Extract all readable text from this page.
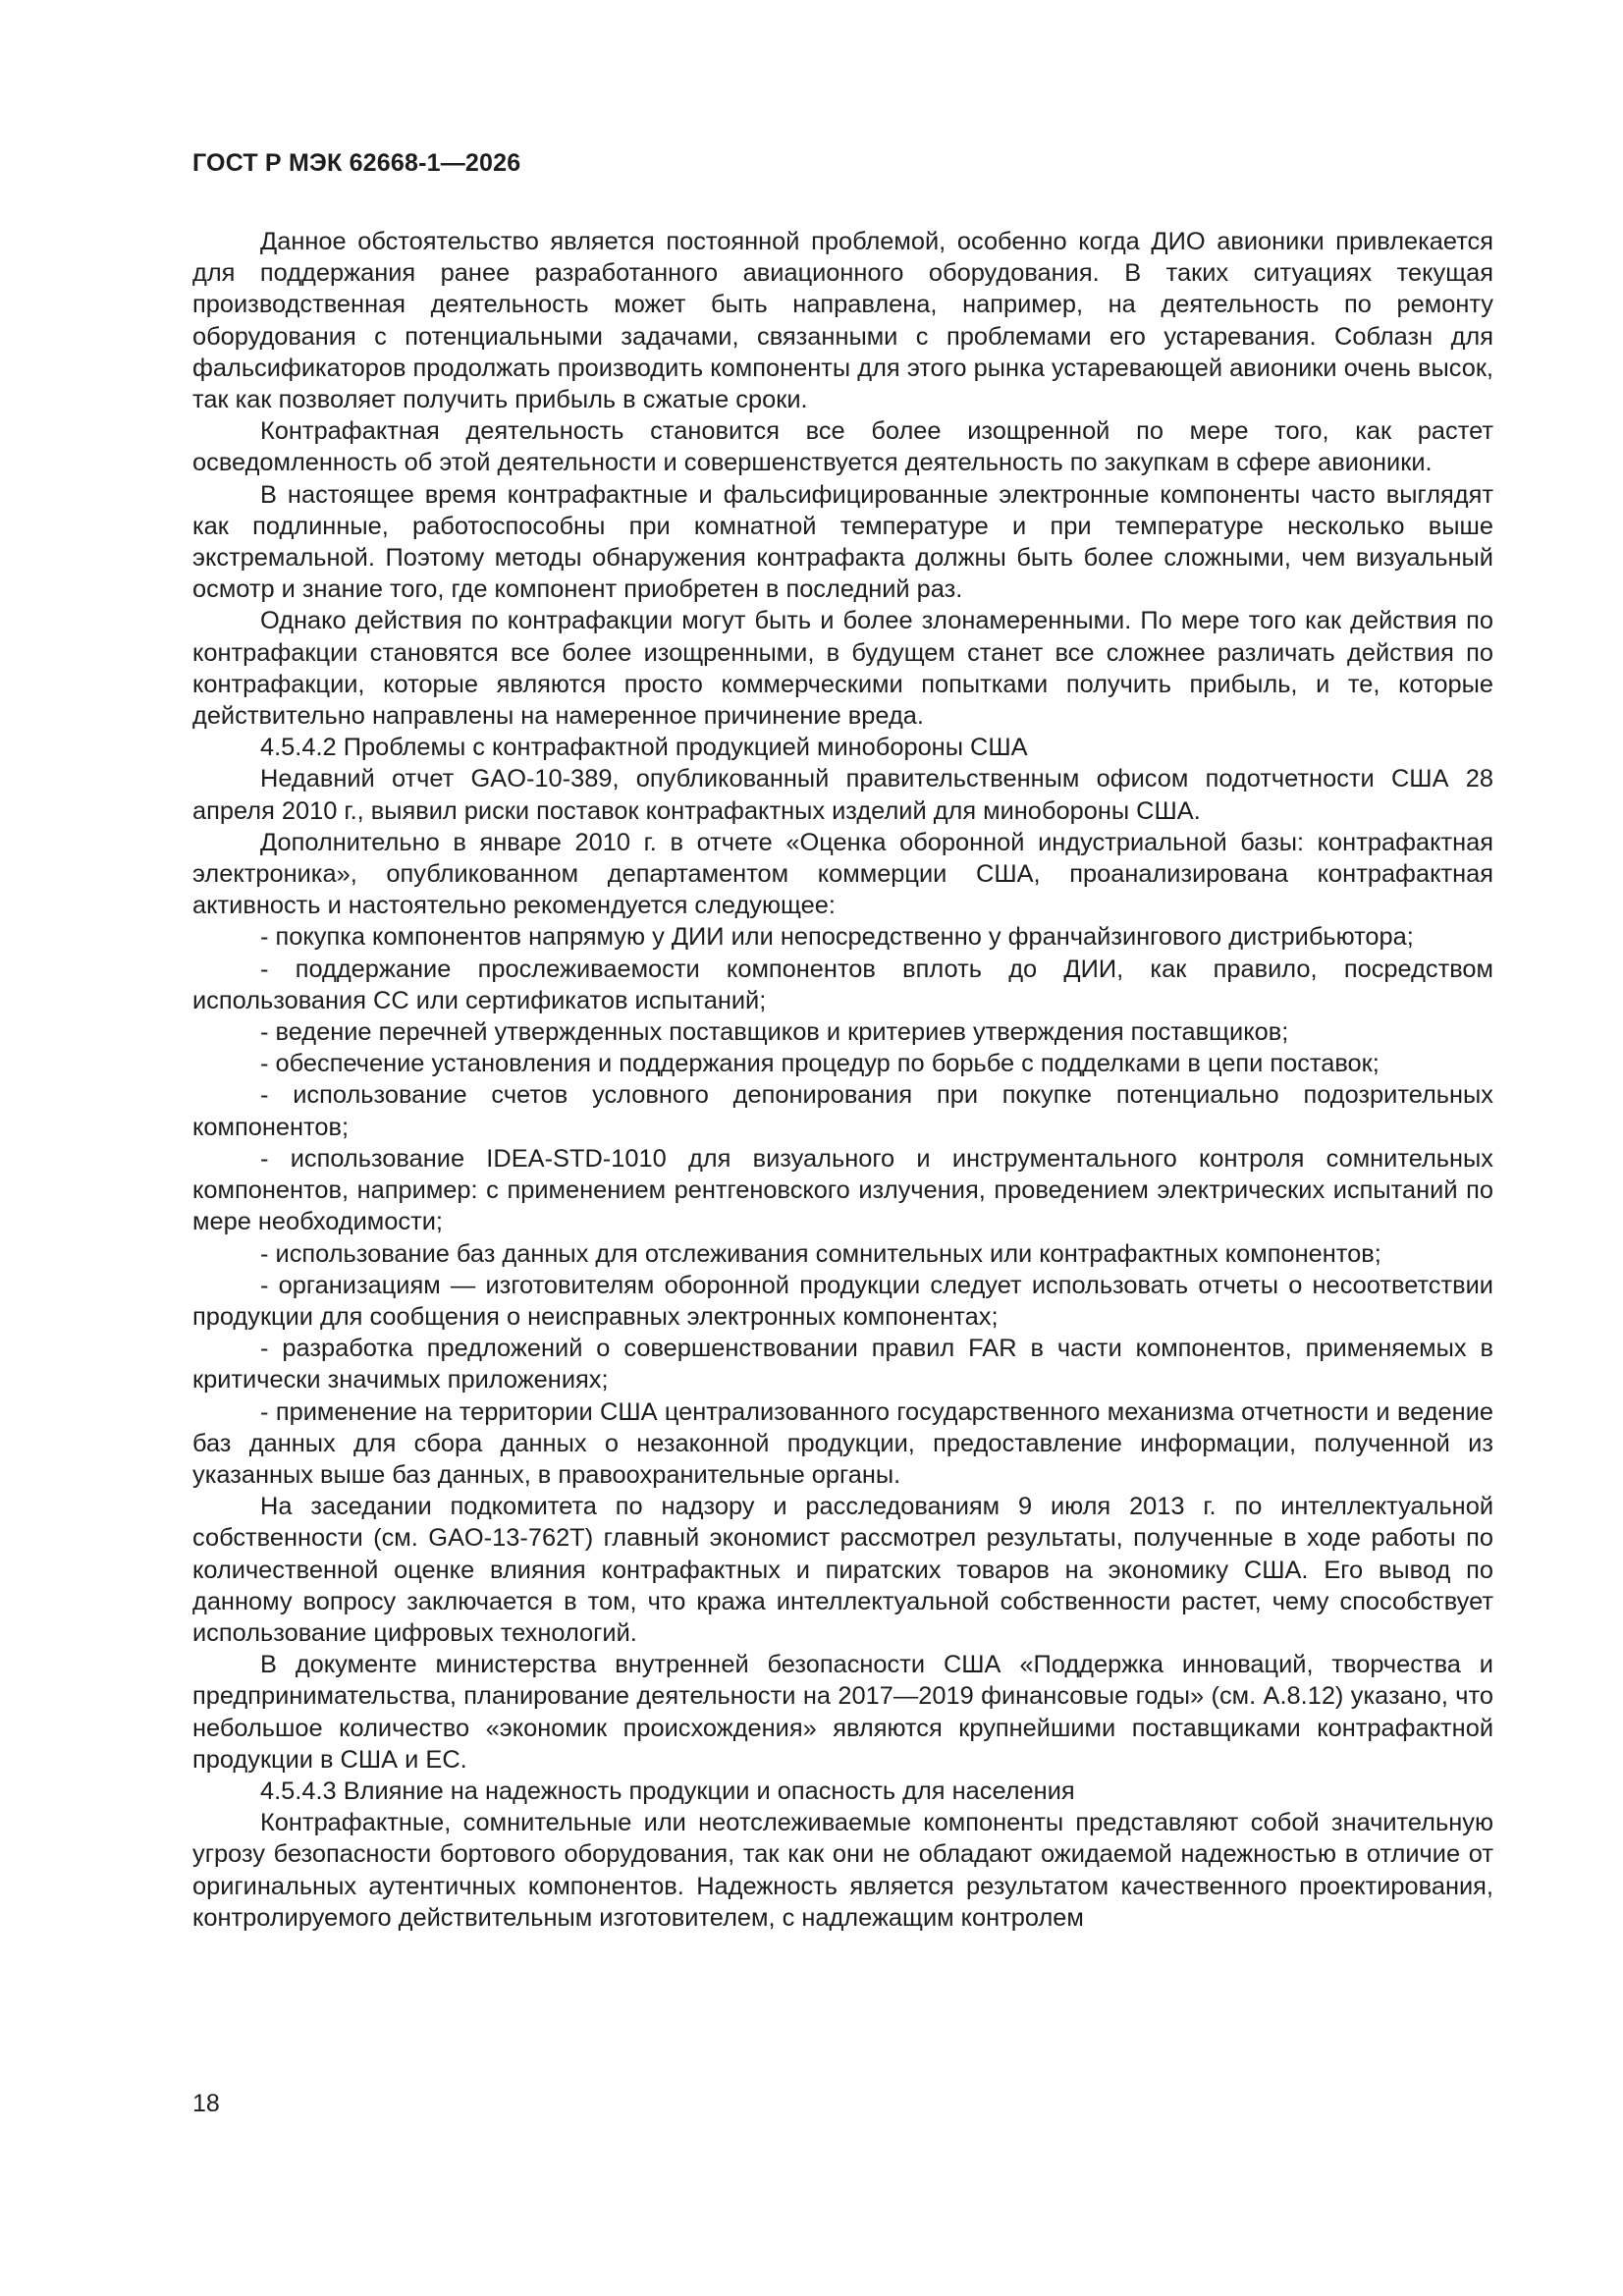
ГОСТ Р МЭК 62668-1—2026

Данное обстоятельство является постоянной проблемой, особенно когда ДИО авионики привлекается для поддержания ранее разработанного авиационного оборудования. В таких ситуациях текущая производственная деятельность может быть направлена, например, на деятельность по ремонту оборудования с потенциальными задачами, связанными с проблемами его устаревания. Соблазн для фальсификаторов продолжать производить компоненты для этого рынка устаревающей авионики очень высок, так как позволяет получить прибыль в сжатые сроки.

Контрафактная деятельность становится все более изощренной по мере того, как растет осведомленность об этой деятельности и совершенствуется деятельность по закупкам в сфере авионики.

В настоящее время контрафактные и фальсифицированные электронные компоненты часто выглядят как подлинные, работоспособны при комнатной температуре и при температуре несколько выше экстремальной. Поэтому методы обнаружения контрафакта должны быть более сложными, чем визуальный осмотр и знание того, где компонент приобретен в последний раз.

Однако действия по контрафакции могут быть и более злонамеренными. По мере того как действия по контрафакции становятся все более изощренными, в будущем станет все сложнее различать действия по контрафакции, которые являются просто коммерческими попытками получить прибыль, и те, которые действительно направлены на намеренное причинение вреда.

4.5.4.2 Проблемы с контрафактной продукцией минобороны США

Недавний отчет GAO-10-389, опубликованный правительственным офисом подотчетности США 28 апреля 2010 г., выявил риски поставок контрафактных изделий для минобороны США.

Дополнительно в январе 2010 г. в отчете «Оценка оборонной индустриальной базы: контрафактная электроника», опубликованном департаментом коммерции США, проанализирована контрафактная активность и настоятельно рекомендуется следующее:

- покупка компонентов напрямую у ДИИ или непосредственно у франчайзингового дистрибьютора;

- поддержание прослеживаемости компонентов вплоть до ДИИ, как правило, посредством использования СС или сертификатов испытаний;

- ведение перечней утвержденных поставщиков и критериев утверждения поставщиков;

- обеспечение установления и поддержания процедур по борьбе с подделками в цепи поставок;

- использование счетов условного депонирования при покупке потенциально подозрительных компонентов;

- использование IDEA-STD-1010 для визуального и инструментального контроля сомнительных компонентов, например: с применением рентгеновского излучения, проведением электрических испытаний по мере необходимости;

- использование баз данных для отслеживания сомнительных или контрафактных компонентов;

- организациям — изготовителям оборонной продукции следует использовать отчеты о несоответствии продукции для сообщения о неисправных электронных компонентах;

- разработка предложений о совершенствовании правил FAR в части компонентов, применяемых в критически значимых приложениях;

- применение на территории США централизованного государственного механизма отчетности и ведение баз данных для сбора данных о незаконной продукции, предоставление информации, полученной из указанных выше баз данных, в правоохранительные органы.

На заседании подкомитета по надзору и расследованиям 9 июля 2013 г. по интеллектуальной собственности (см. GAO-13-762T) главный экономист рассмотрел результаты, полученные в ходе работы по количественной оценке влияния контрафактных и пиратских товаров на экономику США. Его вывод по данному вопросу заключается в том, что кража интеллектуальной собственности растет, чему способствует использование цифровых технологий.

В документе министерства внутренней безопасности США «Поддержка инноваций, творчества и предпринимательства, планирование деятельности на 2017—2019 финансовые годы» (см. А.8.12) указано, что небольшое количество «экономик происхождения» являются крупнейшими поставщиками контрафактной продукции в США и ЕС.

4.5.4.3 Влияние на надежность продукции и опасность для населения

Контрафактные, сомнительные или неотслеживаемые компоненты представляют собой значительную угрозу безопасности бортового оборудования, так как они не обладают ожидаемой надежностью в отличие от оригинальных аутентичных компонентов. Надежность является результатом качественного проектирования, контролируемого действительным изготовителем, с надлежащим контролем

18
